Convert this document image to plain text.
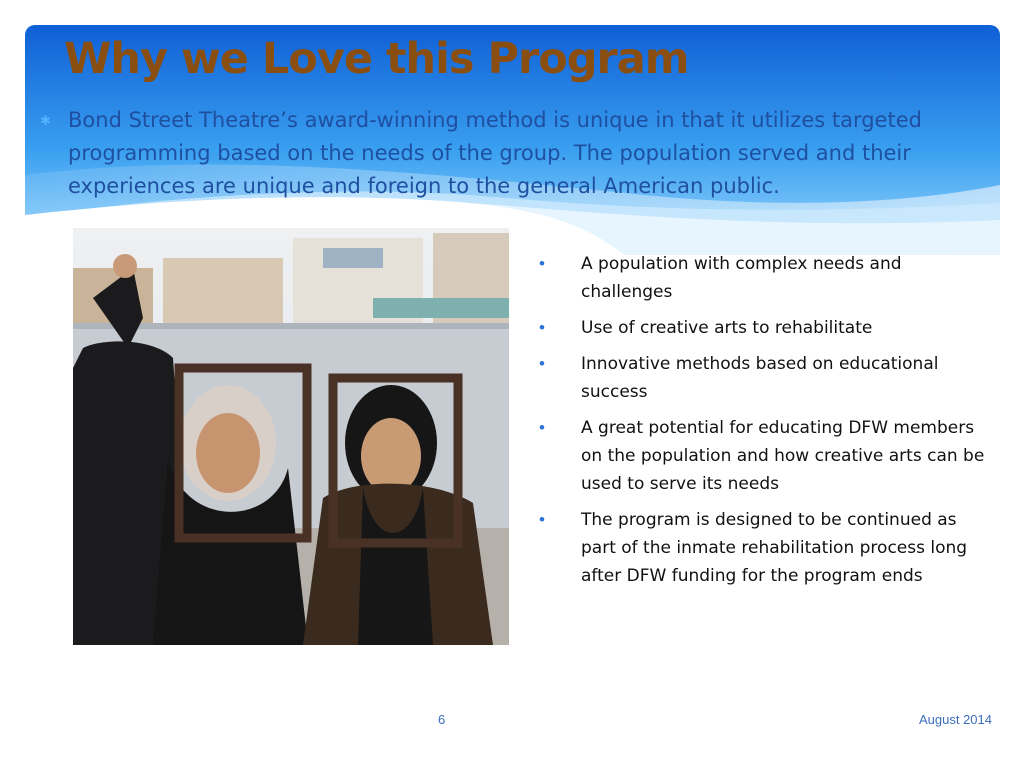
Why we Love this Program
✱ Bond Street Theatre’s award-winning method is unique in that it utilizes targeted programming based on the needs of the group. The population served and their experiences are unique and foreign to the general American public.
•	A population with complex needs and challenges
•	Use of creative arts to rehabilitate
•	Innovative methods based on educational success
•	A great potential for educating DFW members on the population and how creative arts can be used to serve its needs
•	The program is designed to be continued as part of the inmate rehabilitation process long after DFW funding for the program ends
6	August 2014
